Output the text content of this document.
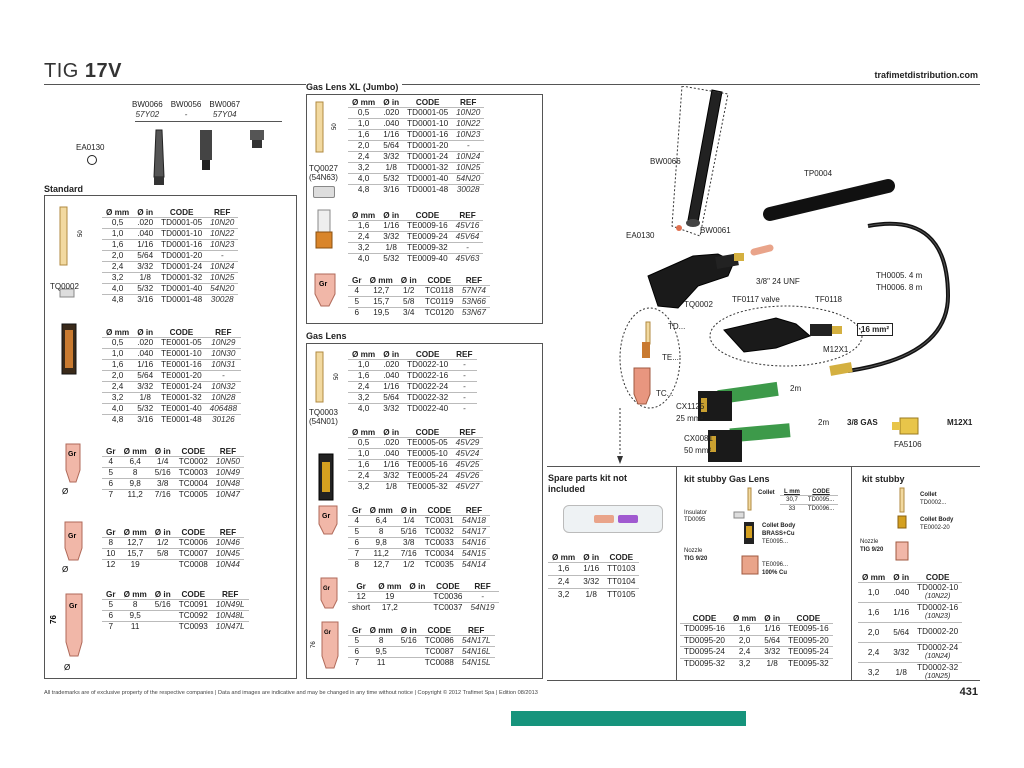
TIG 17V	trafimetdistribution.com
BW0066	BW0056	BW0067
57Y02	-	57Y04
EA0130
Standard
50
TQ0002
Ø mm	Ø in	CODE	REF
0,5	.020	TD0001-05	10N20
1,0	.040	TD0001-10	10N22
1,6	1/16	TD0001-16	10N23
2,0	5/64	TD0001-20	-
2,4	3/32	TD0001-24	10N24
3,2	1/8	TD0001-32	10N25
4,0	5/32	TD0001-40	54N20
4,8	3/16	TD0001-48	30028
Ø mm	Ø in	CODE	REF
0,5	.020	TE0001-05	10N29
1,0	.040	TE0001-10	10N30
1,6	1/16	TE0001-16	10N31
2,0	5/64	TE0001-20	-
2,4	3/32	TE0001-24	10N32
3,2	1/8	TE0001-32	10N28
4,0	5/32	TE0001-40	406488
4,8	3/16	TE0001-48	30126
Gr
Ø
Gr	Ø mm	Ø in	CODE	REF
4	6,4	1/4	TC0002	10N50
5	8	5/16	TC0003	10N49
6	9,8	3/8	TC0004	10N48
7	11,2	7/16	TC0005	10N47
Gr
Ø
Gr	Ø mm	Ø in	CODE	REF
8	12,7	1/2	TC0006	10N46
10	15,7	5/8	TC0007	10N45
12	19		TC0008	10N44
76
Gr
Ø
Gr	Ø mm	Ø in	CODE	REF
5	8	5/16	TC0091	10N49L
6	9,5		TC0092	10N48L
7	11		TC0093	10N47L
Gas Lens XL (Jumbo)
50
TQ0027
(54N63)
Gr
Ø mm	Ø in	CODE	REF
0,5	.020	TD0001-05	10N20
1,0	.040	TD0001-10	10N22
1,6	1/16	TD0001-16	10N23
2,0	5/64	TD0001-20	-
2,4	3/32	TD0001-24	10N24
3,2	1/8	TD0001-32	10N25
4,0	5/32	TD0001-40	54N20
4,8	3/16	TD0001-48	30028
Ø mm	Ø in	CODE	REF
1,6	1/16	TE0009-16	45V16
2,4	3/32	TE0009-24	45V64
3,2	1/8	TE0009-32	-
4,0	5/32	TE0009-40	45V63
Gr	Ø mm	Ø in	CODE	REF
4	12,7	1/2	TC0118	57N74
5	15,7	5/8	TC0119	53N66
6	19,5	3/4	TC0120	53N67
Gas Lens
50
TQ0003
(54N01)
Gr
Gr
76
Gr
Ø mm	Ø in	CODE	REF
1,0	.020	TD0022-10	-
1,6	.040	TD0022-16	-
2,4	1/16	TD0022-24	-
3,2	5/64	TD0022-32	-
4,0	3/32	TD0022-40	-
Ø mm	Ø in	CODE	REF
0,5	.020	TE0005-05	45V29
1,0	.040	TE0005-10	45V24
1,6	1/16	TE0005-16	45V25
2,4	3/32	TE0005-24	45V26
3,2	1/8	TE0005-32	45V27
Gr	Ø mm	Ø in	CODE	REF
4	6,4	1/4	TC0031	54N18
5	8	5/16	TC0032	54N17
6	9,8	3/8	TC0033	54N16
7	11,2	7/16	TC0034	54N15
8	12,7	1/2	TC0035	54N14
Gr	Ø mm	Ø in	CODE	REF
12	19		TC0036	-
short	17,2		TC0037	54N19
Gr	Ø mm	Ø in	CODE	REF
5	8	5/16	TC0086	54N17L
6	9,5		TC0087	54N16L
7	11		TC0088	54N15L
BW0066
TP0004
EA0130
BW0061
3/8" 24 UNF
TH0005. 4 m
TH0006. 8 m
TQ0002
TF0117 valve	TF0118
TD...
TE...
TC...
16 mm²
M12X1
2m
CX1125
25 mm²	2m 3/8 GAS	M12X1
CX0081
FA5106
50 mm²
Spare parts kit not included
Ø mm	Ø in	CODE
1,6	1/16	TT0103
2,4	3/32	TT0104
3,2	1/8	TT0105
kit stubby Gas Lens
Insulator
TD0095
Collet L mm	CODE
30,7	TD0095...
33	TD0096...
Collet Body
BRASS+Cu
TE0095...
Nozzle
TIG 9/20
TE0096...
100% Cu
CODE	Ø mm	Ø in	CODE
TD0095-16	1,6	1/16	TE0095-16
TD0095-20	2,0	5/64	TE0095-20
TD0095-24	2,4	3/32	TE0095-24
TD0095-32	3,2	1/8	TE0095-32
kit stubby
Collet
TD0002...
Collet Body
TE0002-20
Nozzle
TIG 9/20
Ø mm	Ø in	CODE
1,0	.040	TD0002-10
(10N22)
1,6	1/16	TD0002-16
(10N23)
2,0	5/64	TD0002-20
2,4	3/32	TD0002-24
(10N24)
3,2	1/8	TD0002-32
(10N25)
All trademarks are of exclusive property of the respective companies | Data and images are indicative and may be changed in any time without notice | Copyright © 2012 Trafimet Spa | Edition 08/2013	431
